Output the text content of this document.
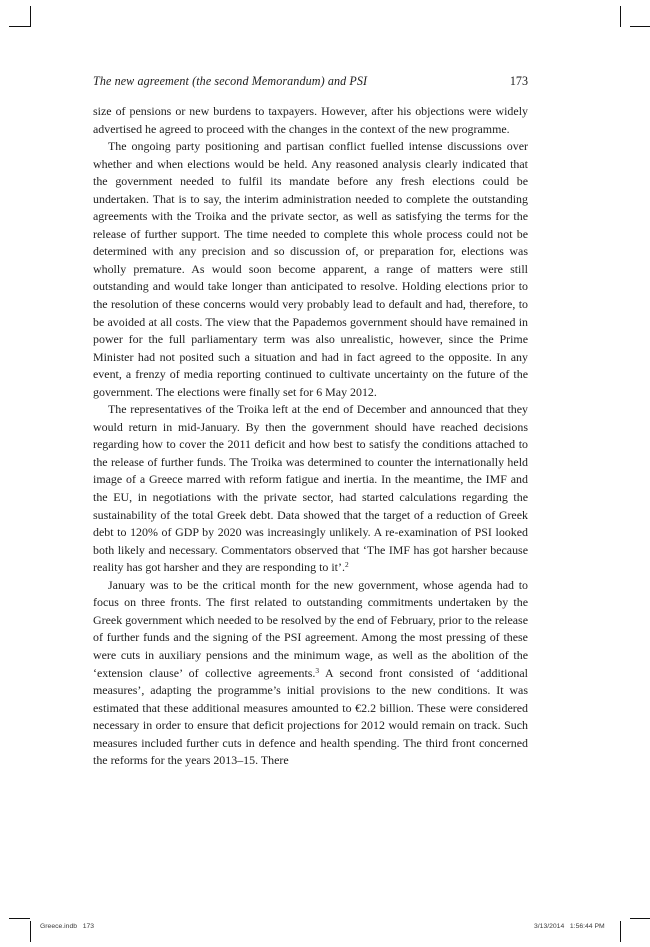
The new agreement (the second Memorandum) and PSI	173

size of pensions or new burdens to taxpayers. However, after his objections were widely advertised he agreed to proceed with the changes in the context of the new programme.

The ongoing party positioning and partisan conflict fuelled intense discussions over whether and when elections would be held. Any reasoned analysis clearly indicated that the government needed to fulfil its mandate before any fresh elections could be undertaken. That is to say, the interim administration needed to complete the outstanding agreements with the Troika and the private sector, as well as satisfying the terms for the release of further support. The time needed to complete this whole process could not be determined with any precision and so discussion of, or preparation for, elections was wholly premature. As would soon become apparent, a range of matters were still outstanding and would take longer than anticipated to resolve. Holding elections prior to the resolution of these concerns would very probably lead to default and had, therefore, to be avoided at all costs. The view that the Papademos government should have remained in power for the full parliamentary term was also unrealistic, however, since the Prime Minister had not posited such a situation and had in fact agreed to the opposite. In any event, a frenzy of media reporting continued to cultivate uncertainty on the future of the government. The elections were finally set for 6 May 2012.

The representatives of the Troika left at the end of December and announced that they would return in mid-January. By then the government should have reached decisions regarding how to cover the 2011 deficit and how best to satisfy the conditions attached to the release of further funds. The Troika was determined to counter the internationally held image of a Greece marred with reform fatigue and inertia. In the meantime, the IMF and the EU, in negotiations with the private sector, had started calculations regarding the sustainability of the total Greek debt. Data showed that the target of a reduction of Greek debt to 120% of GDP by 2020 was increasingly unlikely. A re-examination of PSI looked both likely and necessary. Commentators observed that ‘The IMF has got harsher because reality has got harsher and they are responding to it’.$^2$

January was to be the critical month for the new government, whose agenda had to focus on three fronts. The first related to outstanding commitments undertaken by the Greek government which needed to be resolved by the end of February, prior to the release of further funds and the signing of the PSI agreement. Among the most pressing of these were cuts in auxiliary pensions and the minimum wage, as well as the abolition of the ‘extension clause’ of collective agreements.$^3$ A second front consisted of ‘additional measures’, adapting the programme’s initial provisions to the new conditions. It was estimated that these additional measures amounted to €2.2 billion. These were considered necessary in order to ensure that deficit projections for 2012 would remain on track. Such measures included further cuts in defence and health spending. The third front concerned the reforms for the years 2013–15. There

Greece.indb   173	3/13/2014   1:56:44 PM
